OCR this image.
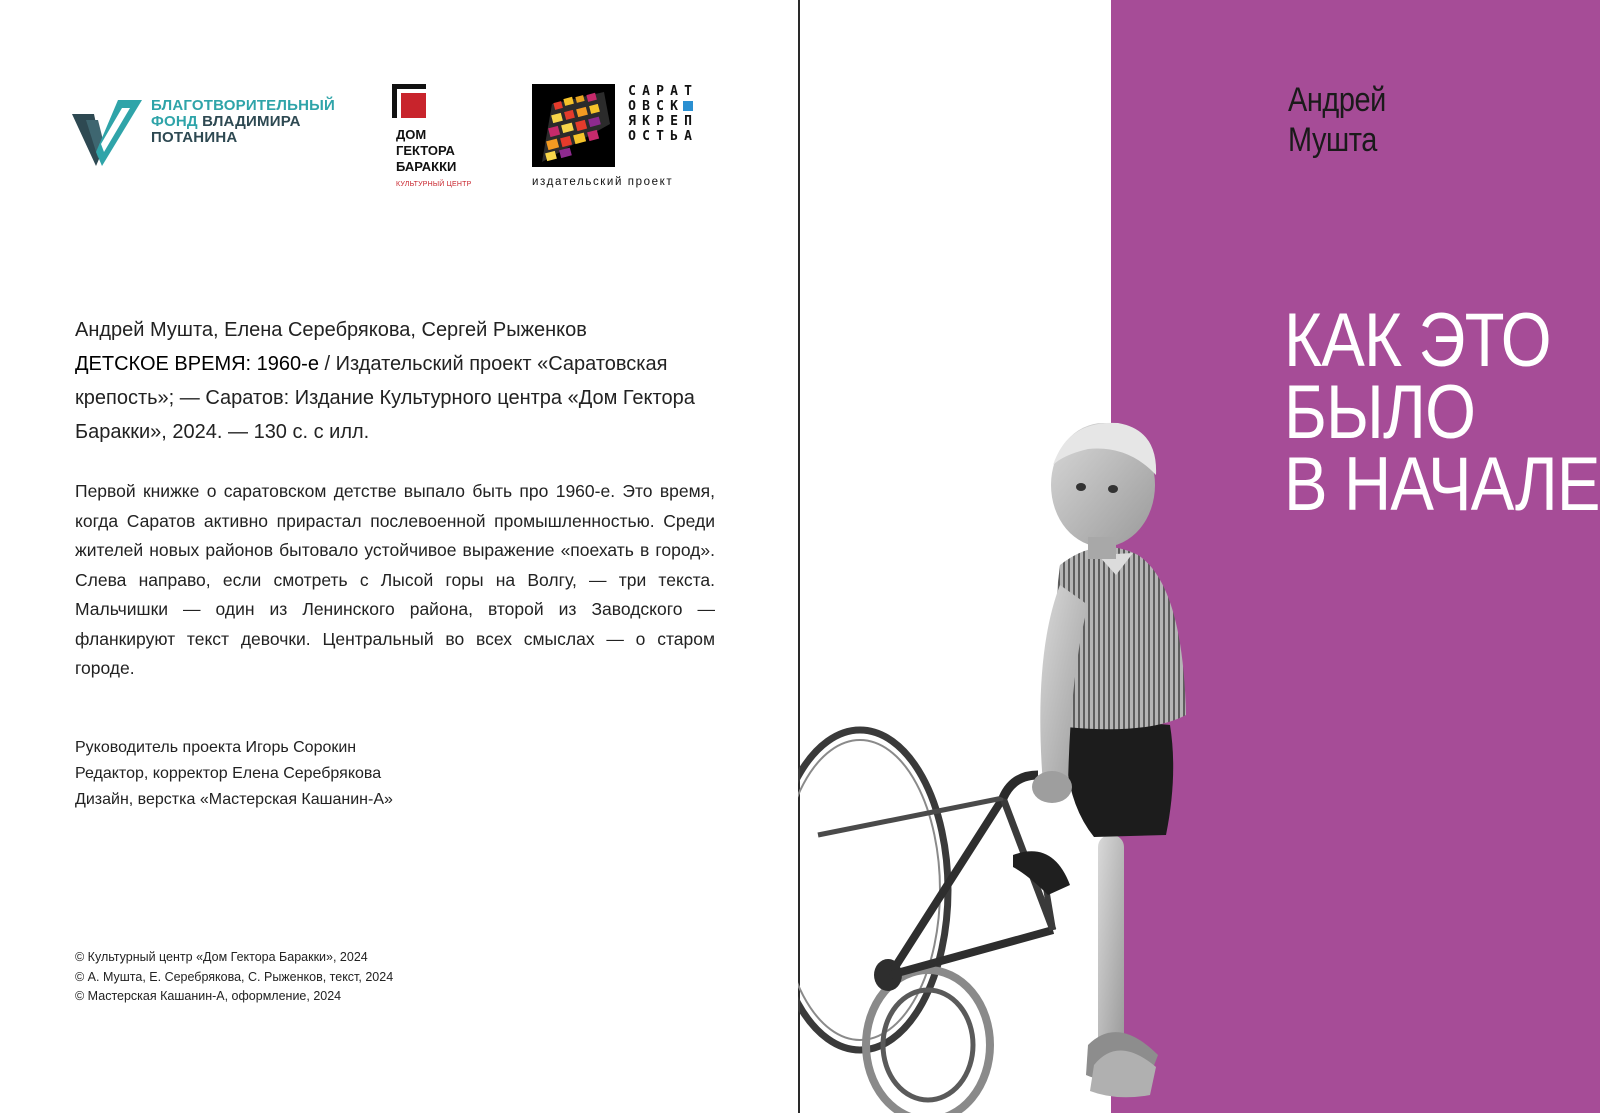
БЛАГОТВОРИТЕЛЬНЫЙ
ФОНД ВЛАДИМИРА
ПОТАНИНА	ДОМ
ГЕКТОРА
БАРАККИ
КУЛЬТУРНЫЙ ЦЕНТР
С А Р А Т
О В С К
Я К Р Е П
О С Т Ь А
издательский проект
Андрей Мушта, Елена Серебрякова, Сергей Рыженков
ДЕТСКОЕ ВРЕМЯ: 1960-е / Издательский проект «Саратовская крепость»; — Саратов: Издание Культурного центра «Дом Гектора Баракки», 2024. — 130 с. с илл.
Первой книжке о саратовском детстве выпало быть про 1960-е. Это время, когда Саратов активно прирастал послевоенной промышленностью. Среди жителей новых районов бытовало устойчивое выражение «поехать в город». Слева направо, если смотреть с Лысой горы на Волгу, — три текста. Мальчишки — один из Ленинского района, второй из Заводского — фланкируют текст девочки. Центральный во всех смыслах — о старом городе.
Руководитель проекта Игорь Сорокин
Редактор, корректор Елена Серебрякова
Дизайн, верстка «Мастерская Кашанин-А»
© Культурный центр «Дом Гектора Баракки», 2024
© А. Мушта, Е. Серебрякова, С. Рыженков, текст, 2024
© Мастерская Кашанин-А, оформление, 2024
Андрей
Мушта
КАК ЭТО
БЫЛО
В НАЧАЛЕ
